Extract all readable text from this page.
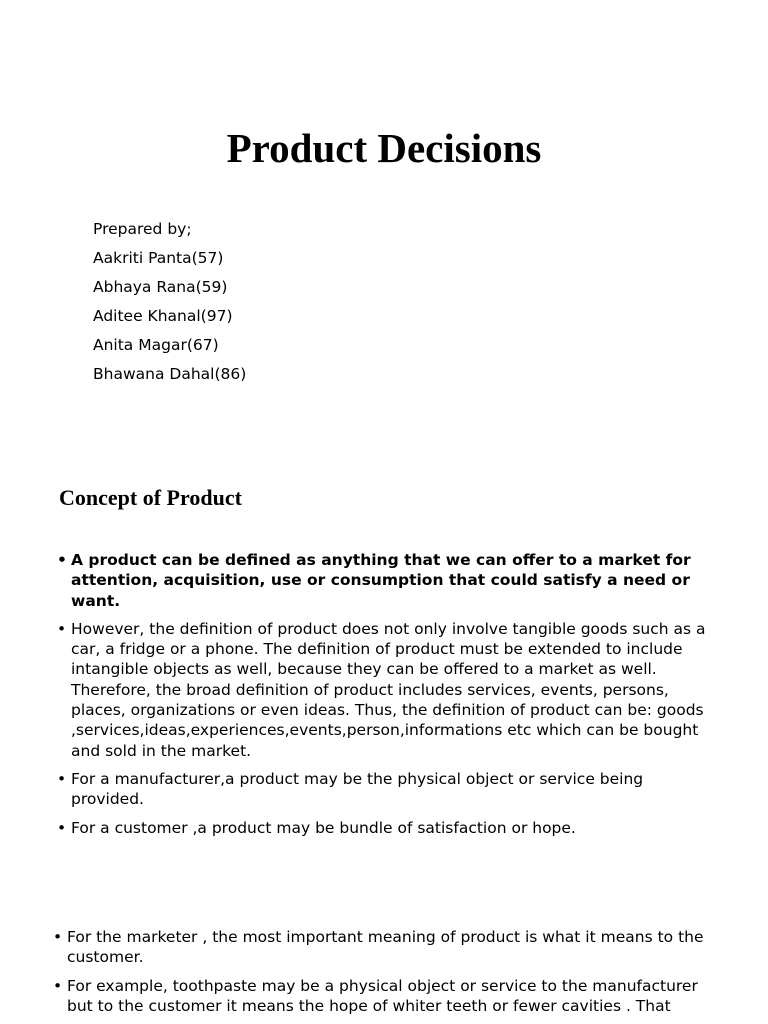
Product Decisions
Prepared by;
Aakriti Panta(57)
Abhaya Rana(59)
Aditee Khanal(97)
Anita Magar(67)
Bhawana Dahal(86)
Concept of Product
• A product can be defined as anything that we can offer to a market for attention, acquisition, use or consumption that could satisfy a need or want.
• However, the definition of product does not only involve tangible goods such as a car, a fridge or a phone. The definition of product must be extended to include intangible objects as well, because they can be offered to a market as well. Therefore, the broad definition of product includes services, events, persons, places, organizations or even ideas. Thus, the definition of product can be: goods ,services,ideas,experiences,events,person,informations etc which can be bought and sold in the market.
• For a manufacturer,a product may be the physical object or service being provided.
• For a customer ,a product may be bundle of satisfaction or hope.
• For the marketer , the most important meaning of product is what it means to the customer.
• For example, toothpaste may be a physical object or service to the manufacturer but to the customer it means the hope of whiter teeth or fewer cavities . That
